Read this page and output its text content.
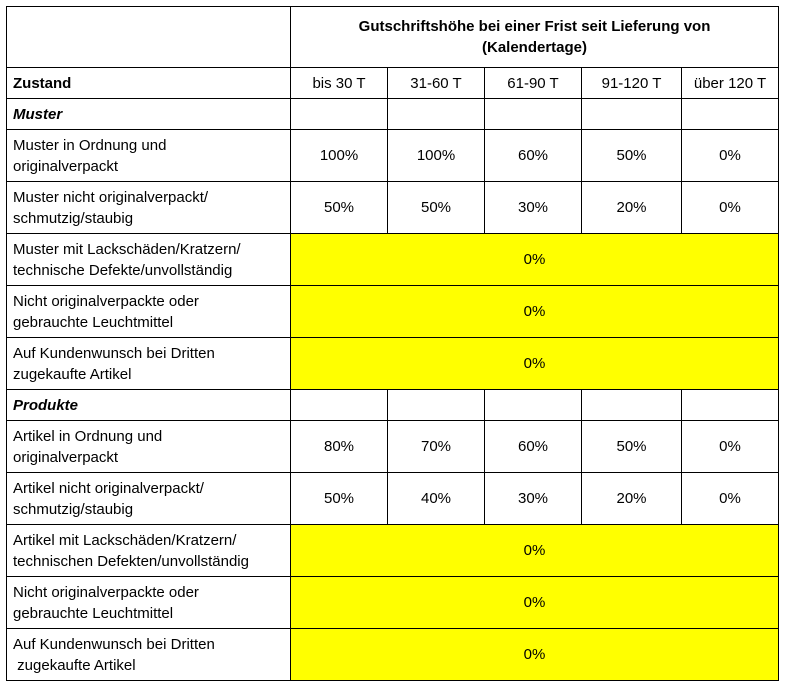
	Gutschriftshöhe bei einer Frist seit Lieferung von
(Kalendertage)				

Zustand	bis 30 T	31-60 T	61-90 T	91-120 T	über 120 T
Muster					

Muster in Ordnung und
originalverpackt	100%	100%	60%	50%	0%

Muster nicht originalverpackt/
schmutzig/staubig	50%	50%	30%	20%	0%

Muster mit Lackschäden/Kratzern/
technische Defekte/unvollständig	0%				

Nicht originalverpackte oder
gebrauchte Leuchtmittel	0%				

Auf Kundenwunsch bei Dritten
zugekaufte Artikel	0%				
Produkte					

Artikel in Ordnung und
originalverpackt	80%	70%	60%	50%	0%

Artikel nicht originalverpackt/
schmutzig/staubig	50%	40%	30%	20%	0%

Artikel mit Lackschäden/Kratzern/
technischen Defekten/unvollständig	0%				

Nicht originalverpackte oder
gebrauchte Leuchtmittel	0%				

Auf Kundenwunsch bei Dritten
zugekaufte Artikel	0%				
